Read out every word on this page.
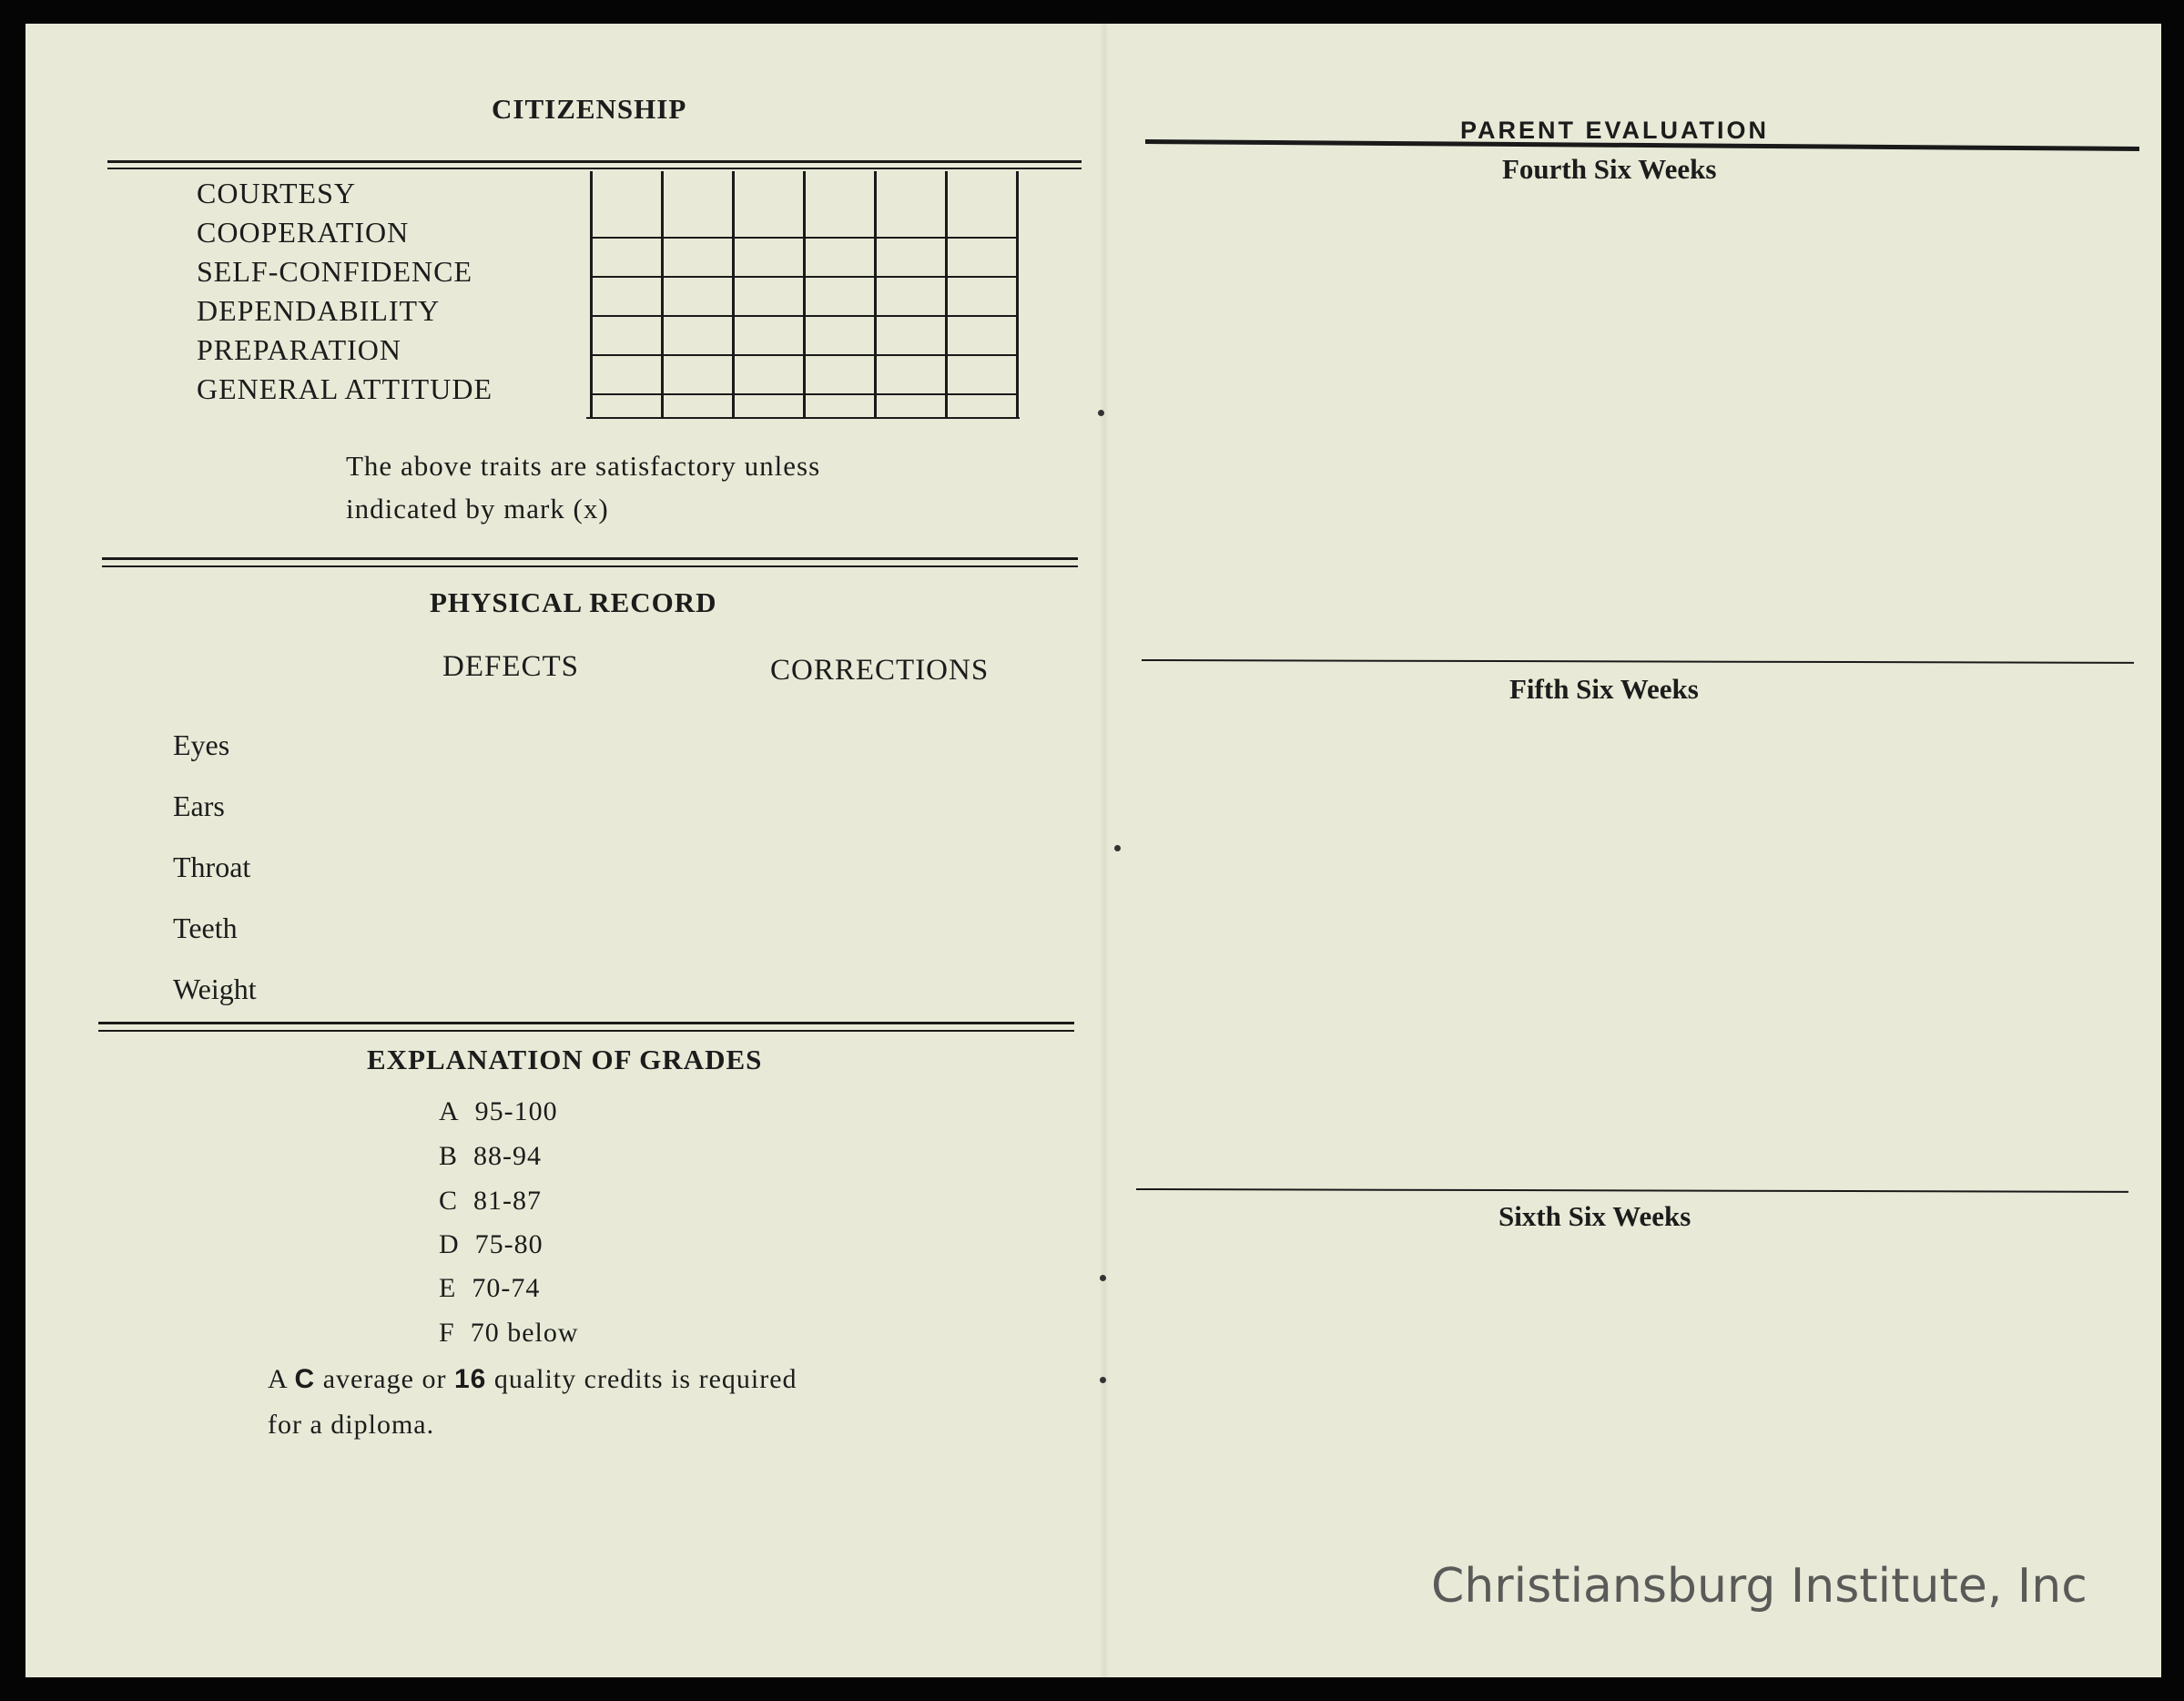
CITIZENSHIP
COURTESY
COOPERATION
SELF-CONFIDENCE
DEPENDABILITY
PREPARATION
GENERAL ATTITUDE
The above traits are satisfactory unless
indicated by mark (x)
PHYSICAL RECORD
DEFECTS	CORRECTIONS
Eyes
Ears
Throat
Teeth
Weight
EXPLANATION OF GRADES
A 95-100
B 88-94
C 81-87
D 75-80
E 70-74
F 70 below
A C average or 16 quality credits is required
for a diploma.
PARENT EVALUATION
Fourth Six Weeks
Fifth Six Weeks
Sixth Six Weeks
Christiansburg Institute, Inc
